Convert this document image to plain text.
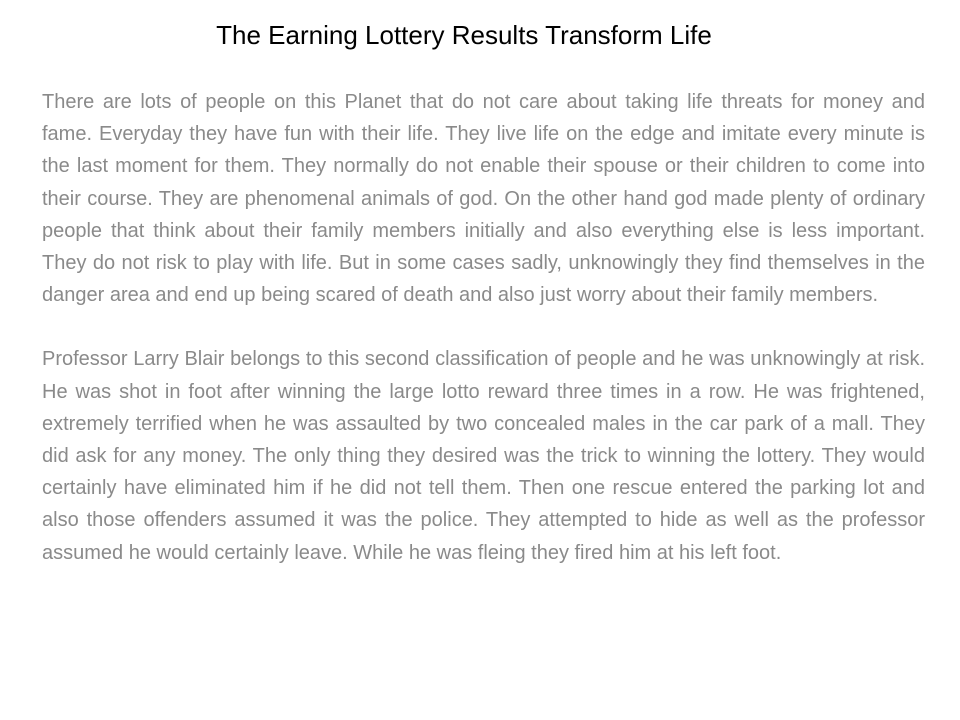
The Earning Lottery Results Transform Life

There are lots of people on this Planet that do not care about taking life threats for money and fame. Everyday they have fun with their life. They live life on the edge and imitate every minute is the last moment for them. They normally do not enable their spouse or their children to come into their course. They are phenomenal animals of god. On the other hand god made plenty of ordinary people that think about their family members initially and also everything else is less important. They do not risk to play with life. But in some cases sadly, unknowingly they find themselves in the danger area and end up being scared of death and also just worry about their family members.

Professor Larry Blair belongs to this second classification of people and he was unknowingly at risk. He was shot in foot after winning the large lotto reward three times in a row. He was frightened, extremely terrified when he was assaulted by two concealed males in the car park of a mall. They did ask for any money. The only thing they desired was the trick to winning the lottery. They would certainly have eliminated him if he did not tell them. Then one rescue entered the parking lot and also those offenders assumed it was the police. They attempted to hide as well as the professor assumed he would certainly leave. While he was fleing they fired him at his left foot.
